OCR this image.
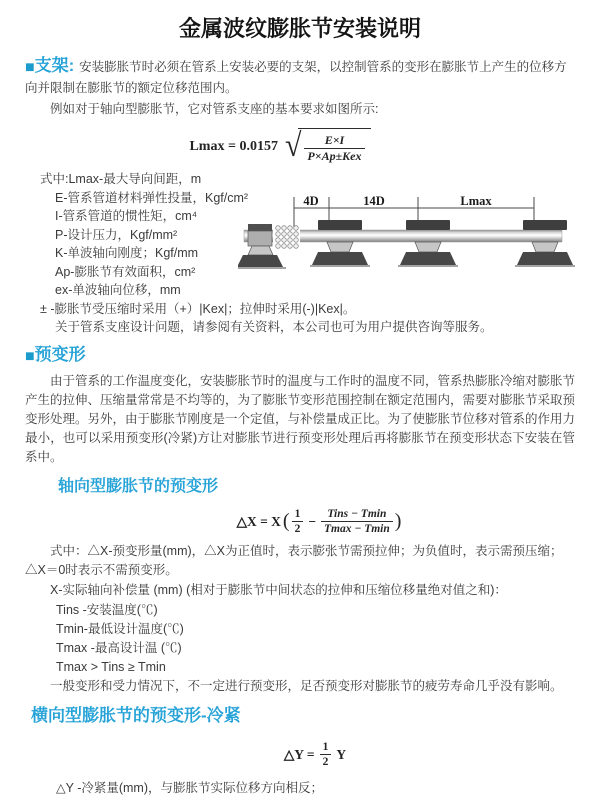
金属波纹膨胀节安装说明

■支架: 安装膨胀节时必须在管系上安装必要的支架，以控制管系的变形在膨胀节上产生的位移方向并限制在膨胀节的额定位移范围内。

例如对于轴向型膨胀节，它对管系支座的基本要求如图所示:

Lmax = 0.0157 √ $\frac{E\times I}{\text{P×Ap±Kex}}$
式中:Lmax-最大导向间距，m
E-管系管道材料弹性投量，Kgf/cm²
I-管系管道的惯性矩，cm⁴
P-设计压力，Kgf/mm²
K-单波轴向刚度；Kgf/mm
Ap-膨胀节有效面积，cm²
ex-单波轴向位移，mm
± -膨胀节受压缩时采用（+）|Kex|；拉伸时采用(-)|Kex|。
关于管系支座设计问题，请参阅有关资料，本公司也可为用户提供咨询等服务。
4D	14D	Lmax
■预变形

由于管系的工作温度变化，安装膨胀节时的温度与工作时的温度不同，管系热膨胀冷缩对膨胀节产生的拉伸、压缩量常常是不均等的，为了膨胀节变形范围控制在额定范围内，需要对膨胀节采取预变形处理。另外，由于膨胀节刚度是一个定值，与补偿量成正比。为了使膨胀节位移对管系的作用力最小，也可以采用预变形(冷紧)方让对膨胀节进行预变形处理后再将膨胀节在预变形状态下安装在管系中。

轴向型膨胀节的预变形
△X = X ( $\frac{1}{2} - \frac{\text{Tins − Tmin}}{Tmax - Tmin}$ )

式中：△X-预变形量(mm)，△X为正值时，表示膨张节需预拉伸；为负值时，表示需预压缩；△X＝0时表示不需预变形。

X-实际轴向补偿量 (mm) (相对于膨胀节中间状态的拉伸和压缩位移量绝对值之和)：

Tins -安装温度(℃)
Tmin-最低设计温度(℃)
Tmax -最高设计温 (℃)
Tmax > Tins ≥ Tmin

一般变形和受力情况下，不一定进行预变形，足否预变形对膨胀节的疲劳寿命几乎没有影响。

横向型膨胀节的预变形-冷紧
△Y = $\frac{1}{2}$ Y

△Y -冷紧量(mm)，与膨胀节实际位移方向相反；
